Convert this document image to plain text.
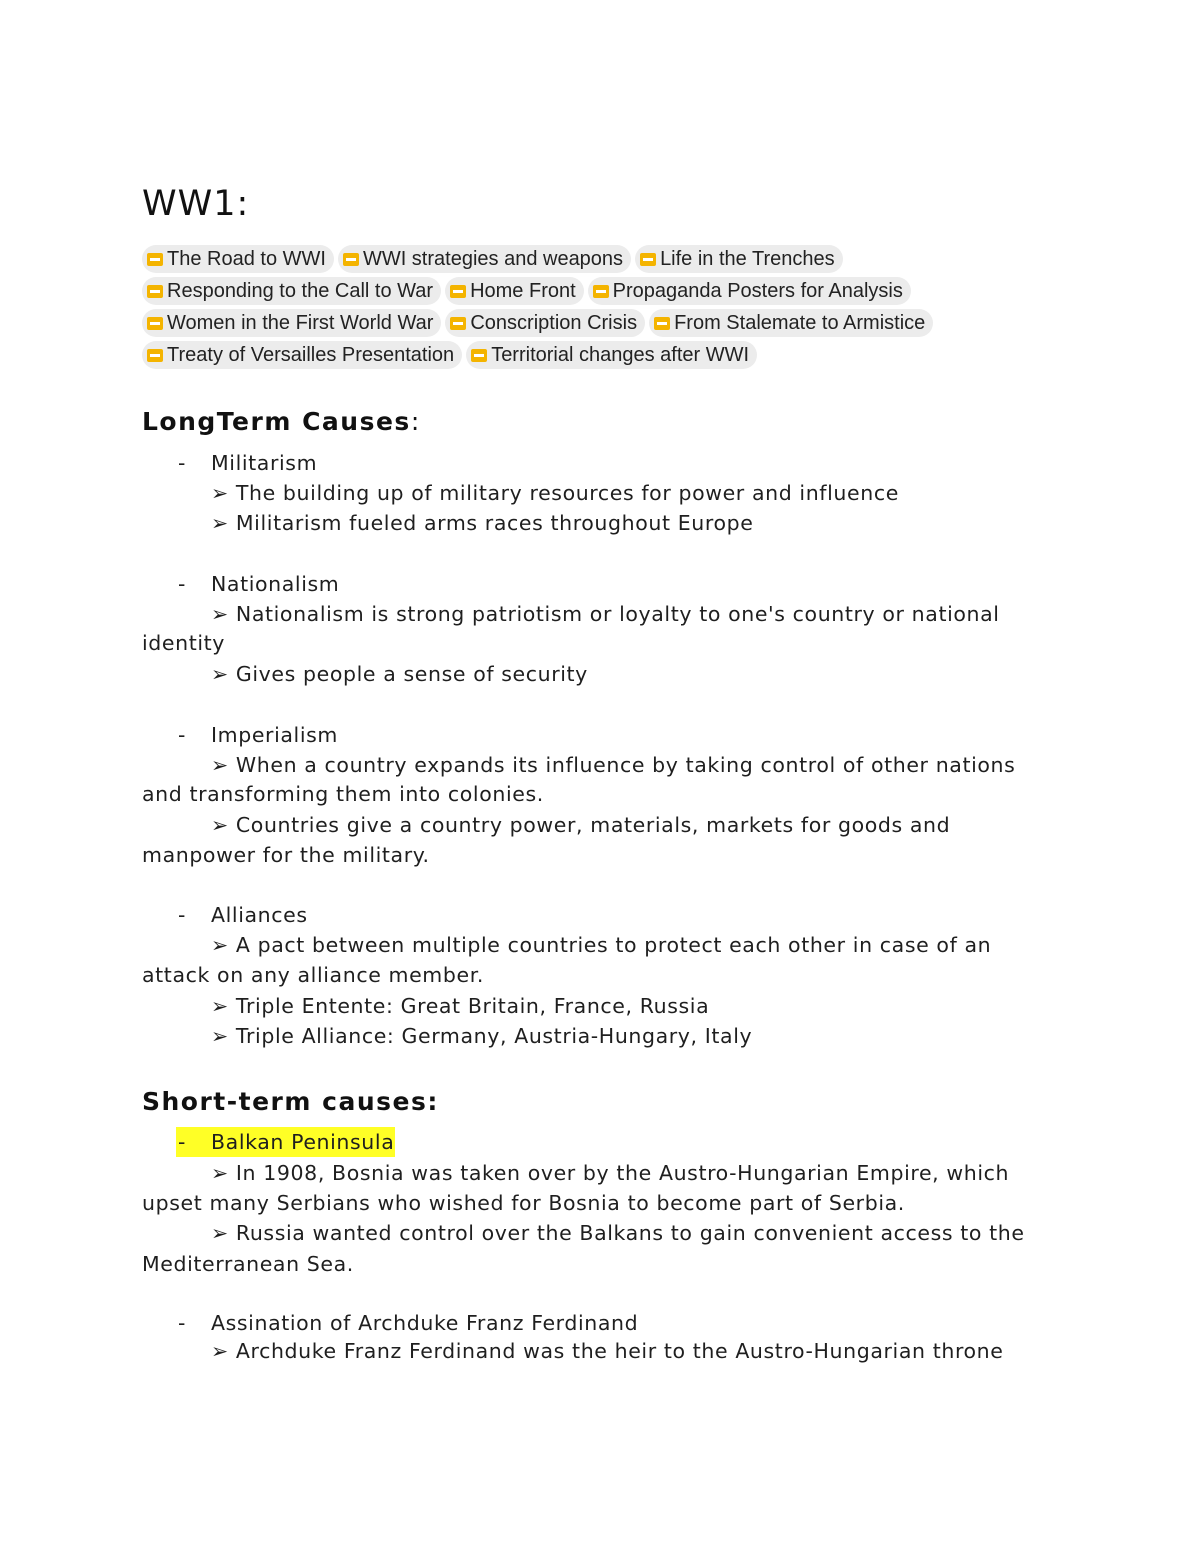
WW1:
The Road to WWI WWI strategies and weapons Life in the Trenches
Responding to the Call to War Home Front Propaganda Posters for Analysis
Women in the First World War Conscription Crisis From Stalemate to Armistice
Treaty of Versailles Presentation Territorial changes after WWI
LongTerm Causes:
- Militarism
➢ The building up of military resources for power and influence
➢ Militarism fueled arms races throughout Europe
- Nationalism
➢ Nationalism is strong patriotism or loyalty to one's country or national
identity
➢ Gives people a sense of security
- Imperialism
➢ When a country expands its influence by taking control of other nations
and transforming them into colonies.
➢ Countries give a country power, materials, markets for goods and
manpower for the military.
- Alliances
➢ A pact between multiple countries to protect each other in case of an
attack on any alliance member.
➢ Triple Entente: Great Britain, France, Russia
➢ Triple Alliance: Germany, Austria-Hungary, Italy
Short-term causes:
- Balkan Peninsula
➢ In 1908, Bosnia was taken over by the Austro-Hungarian Empire, which
upset many Serbians who wished for Bosnia to become part of Serbia.
➢ Russia wanted control over the Balkans to gain convenient access to the
Mediterranean Sea.
- Assination of Archduke Franz Ferdinand
➢ Archduke Franz Ferdinand was the heir to the Austro-Hungarian throne
